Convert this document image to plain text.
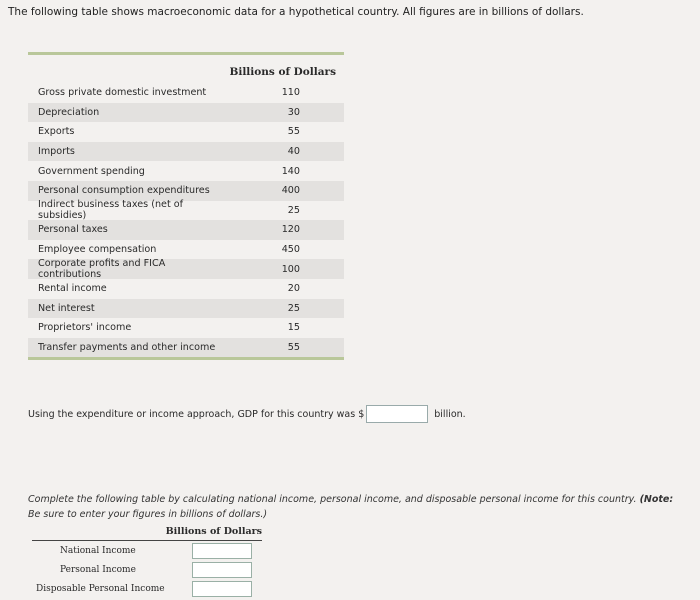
The following table shows macroeconomic data for a hypothetical country. All figures are in billions of dollars.
Billions of Dollars
Gross private domestic investment	110
Depreciation	30
Exports	55
Imports	40
Government spending	140
Personal consumption expenditures	400
Indirect business taxes (net of subsidies)	25
Personal taxes	120
Employee compensation	450
Corporate profits and FICA contributions	100
Rental income	20
Net interest	25
Proprietors' income	15
Transfer payments and other income	55
Using the expenditure or income approach, GDP for this country was $	billion.
Complete the following table by calculating national income, personal income, and disposable personal income for this country. (Note: Be sure to enter your figures in billions of dollars.)
Billions of Dollars
National Income
Personal Income
Disposable Personal Income
